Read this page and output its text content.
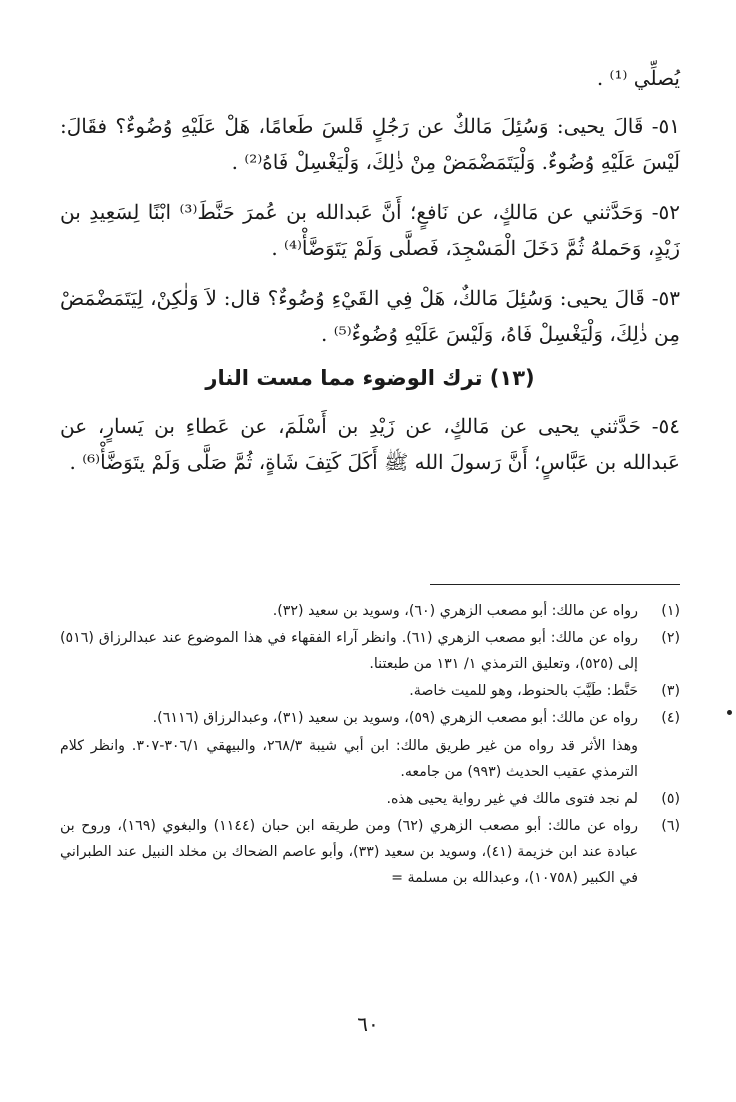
يُصلِّي ⁽¹⁾ .

٥١- قَالَ يحيى: وَسُئِلَ مَالكٌ عن رَجُلٍ قَلسَ طَعامًا، هَلْ عَلَيْهِ وُضُوءٌ؟ فقَالَ: لَيْسَ عَلَيْهِ وُضُوءٌ. وَلْيَتَمَضْمَضْ مِنْ ذٰلِكَ، وَلْيَغْسِلْ فَاهُ⁽²⁾ .

٥٢- وَحَدَّثني عن مَالكٍ، عن نَافعٍ؛ أَنَّ عَبدالله بن عُمرَ حَنَّطَ⁽³⁾ ابْنًا لِسَعِيدِ بن زَيْدٍ، وَحَملهُ ثُمَّ دَخَلَ الْمَسْجِدَ، فَصلَّى وَلَمْ يَتَوَضَّأْ⁽⁴⁾ .

٥٣- قَالَ يحيى: وَسُئِلَ مَالكٌ، هَلْ فِي القَيْءِ وُضُوءٌ؟ قال: لاَ وَلٰكِنْ، لِيَتَمَضْمَضْ مِن ذٰلِكَ، وَلْيَغْسِلْ فَاهُ، وَلَيْسَ عَلَيْهِ وُضُوءٌ⁽⁵⁾ .

(١٣) ترك الوضوء مما مست النار

٥٤- حَدَّثني يحيى عن مَالكٍ، عن زَيْدِ بن أَسْلَمَ، عن عَطاءِ بن يَسارٍ، عن عَبدالله بن عَبَّاسٍ؛ أَنَّ رَسولَ الله ﷺ أَكَلَ كَتِفَ شَاةٍ، ثُمَّ صَلَّى وَلَمْ يتَوَضَّأْ⁽⁶⁾ .

(١)
رواه عن مالك: أبو مصعب الزهري (٦٠)، وسويد بن سعيد (٣٢).
(٢)
رواه عن مالك: أبو مصعب الزهري (٦١). وانظر آراء الفقهاء في هذا الموضوع عند عبدالرزاق (٥١٦) إلى (٥٢٥)، وتعليق الترمذي ١/ ١٣١ من طبعتنا.
(٣)
حَنَّط: طَيَّبَ بالحنوط، وهو للميت خاصة.
(٤)
رواه عن مالك: أبو مصعب الزهري (٥٩)، وسويد بن سعيد (٣١)، وعبدالرزاق (٦١١٦).
وهذا الأثر قد رواه من غير طريق مالك: ابن أبي شيبة ٢٦٨/٣، والبيهقي ٣٠٦/١-٣٠٧. وانظر كلام الترمذي عقيب الحديث (٩٩٣) من جامعه.
(٥)
لم نجد فتوى مالك في غير رواية يحيى هذه.
(٦)
رواه عن مالك: أبو مصعب الزهري (٦٢) ومن طريقه ابن حبان (١١٤٤) والبغوي (١٦٩)، وروح بن عبادة عند ابن خزيمة (٤١)، وسويد بن سعيد (٣٣)، وأبو عاصم الضحاك بن مخلد النبيل عند الطبراني في الكبير (١٠٧٥٨)، وعبدالله بن مسلمة =
٦٠
